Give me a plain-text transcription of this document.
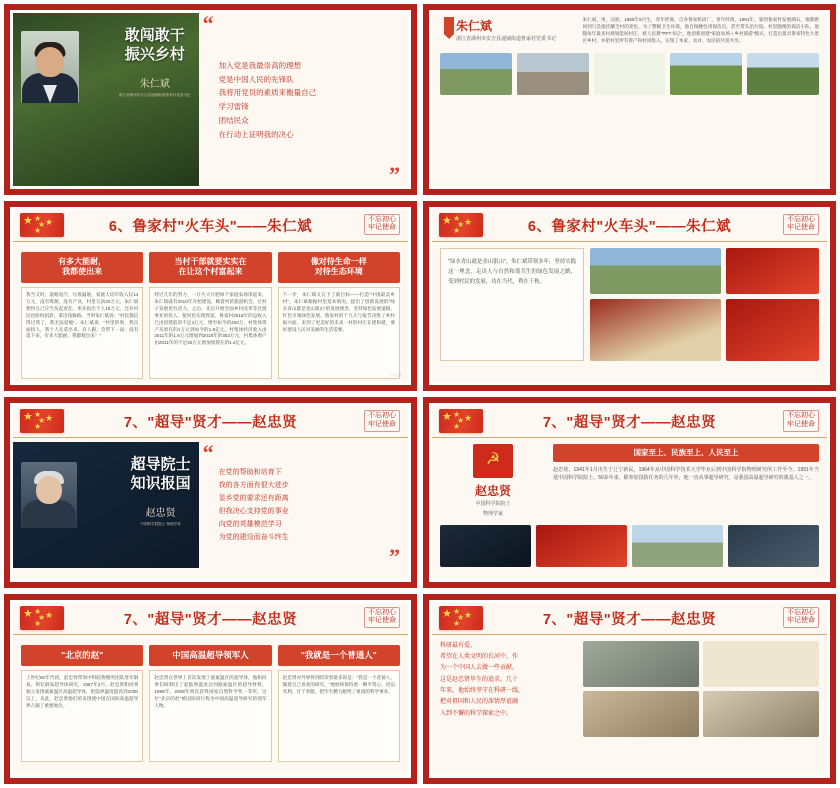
敢闯敢干
振兴乡村
朱仁斌
浙江省湖州市安吉县递铺街道鲁家村党委书记
“
加入党是我最崇高的理想
党是中国人民的先锋队
我将用党员的素质来衡量自己
学习雷锋
团结民众
在行动上证明我的决心
”
朱仁斌
浙江省湖州市安吉县递铺街道鲁家村党委书记
朱仁斌，男，汉族，1965年9月生，青年经商，自办鲁家机砖厂，青年经商，1991年，靠到鲁家村发展湖石，他都跑回到只是指挂耀全村的变化，为了整顿卫生环境，他自掏腰包请保洁员，甚至带头治垃圾。村里随便的保洁小队，他随每年最多村规划能回村庄，被人民教"PPT书记"。他创新创建"家庭农场＋乡村旅游"模式，打造出最具鲁家特色大景区乡村，并把村里所有资产和村同股入，实现了本家、农业、农民的共富共享。
★ ★
★
★
★	6、鲁家村"火车头"——朱仁斌	不忘初心
牢记使命
有多大能耐，
我都使出来
我当又时，道路泥泞，垃圾遍地，家庭人均年收入仅14万元，没有资源、没有产业，村里欠款20万元。朱仁斌想得自己应当负起责任，率先捐出个人18万元，还有村民也纷纷捐款，拿出钱修路。当时朱仁斌说："村民都信得过我了，我无法退缩"。朱仁斌说："村里的事，我出面找人，我个人先拿出来，有人跟，会带下一届；没有落下来，有多大能耐，我都使出来！"
当村干部就要实实在
在让这个村富起来
经过几年的努力，一片片大片肥绿个家庭农场串起来，朱仁斌就有2010年开始建设，顺着村的旅游机会，让村子发展更有活力。之后，先后开展全面乡村改革等过渡事业的投入，使村民实现致富。鲁家村2018年的总收入已由创建前的不足3万元，增至如今的400万，村集体资产从原有的1万元到如今的1.8亿元。村集体经济收入由2011年的1.8万元增加到2018年的353万元，村集体资产由2011年的不足30万元增加到现在的1.4亿元。
像对待生命一样
对待生态环境
下一步，朱仁斌又在下了新目标——打造"中国最美乡村"。朱仁斌根据村里基本情况，提出了创新发展的"绿水青山就是金山银山"的发展理念，坚持绿色发展道路。红色引领绿色发展，鲁家村的十九大与报告决胜了乡村振兴面，来到了更美好的未来一村的村庄在建和谐，要好建设人民对美丽的生活需要。
千库网
★ ★
★
★
★	6、鲁家村"火车头"——朱仁斌	不忘初心
牢记使命
"绿水青山就是金山银山"，朱仁斌带领多年，坚持实践这一理念，走出人与自然和谐共生的绿色发展之路，受到村民的发展，功在当代，利在千秋。
★ ★
★
★
★	7、"超导"贤才——赵忠贤	不忘初心
牢记使命
超导院士
知识报国
赵忠贤
中国科学院院士 物理学家
“
在党的帮助和培育下
我的各方面有很大进步
显乡党的要求还有距离
但我决心支持党的事业
向党的英雄模范学习
为党的建设而奋斗终生
”
★ ★
★
★
★	7、"超导"贤才——赵忠贤	不忘初心
牢记使命
☭
赵忠贤
中国科学院院士
物理学家
国家至上、民族至上、人民至上
赵忠贤，1941年1月出生于辽宁新民。1964年从中国科学技术大学毕业后到中国科学院物理研究所工作至今。1991年当选中国科学院院士。50多年来，除参加国防任务的几年外，他一直从事超导研究，是我国高温超导研究的奠基人之一。
★ ★
★
★
★	7、"超导"贤才——赵忠贤	不忘初心
牢记使命
"北京的赵"
上世纪80年代初，赵忠贤带领中科院物理所团队进军铜氧、钡钇铜氧超导体研究，1987年2月，赵忠贤和同事独立发现液氮温区高温超导体，把临界温度提高到100K以上，从此，赵忠贤他们的发现使中国在国际高温超导界占据了重要地位。
中国高温超导领军人
赵忠贤在世界上首次发现了液氮温区的超导体，他和同事们研制出了起临界温度达到液氮温区的超导材料，1989年、2008年两次获得国家自然科学奖一等奖，这位"北京的赵"被国际同行称为中国高温超导研究的领军人物。
"我就是一个普通人"
赵忠贤对外界得到的荣誉最多的是："我是一个普通人，做着自己喜欢的研究。"他始终保持着一颗平常心，淡泊名利，甘于奉献，把毕生精力献给了祖国的科学事业。
★ ★
★
★
★	7、"超导"贤才——赵忠贤	不忘初心
牢记使命
科研最有爱，
希望在人类文明的长河中，作
为一个中国人去做一些贡献，
这是赵忠贤毕生的追求。几十
年来，他始终坚守在科研一线，
把对祖国和人民的深情厚谊融
入到不懈的科学探索之中。
